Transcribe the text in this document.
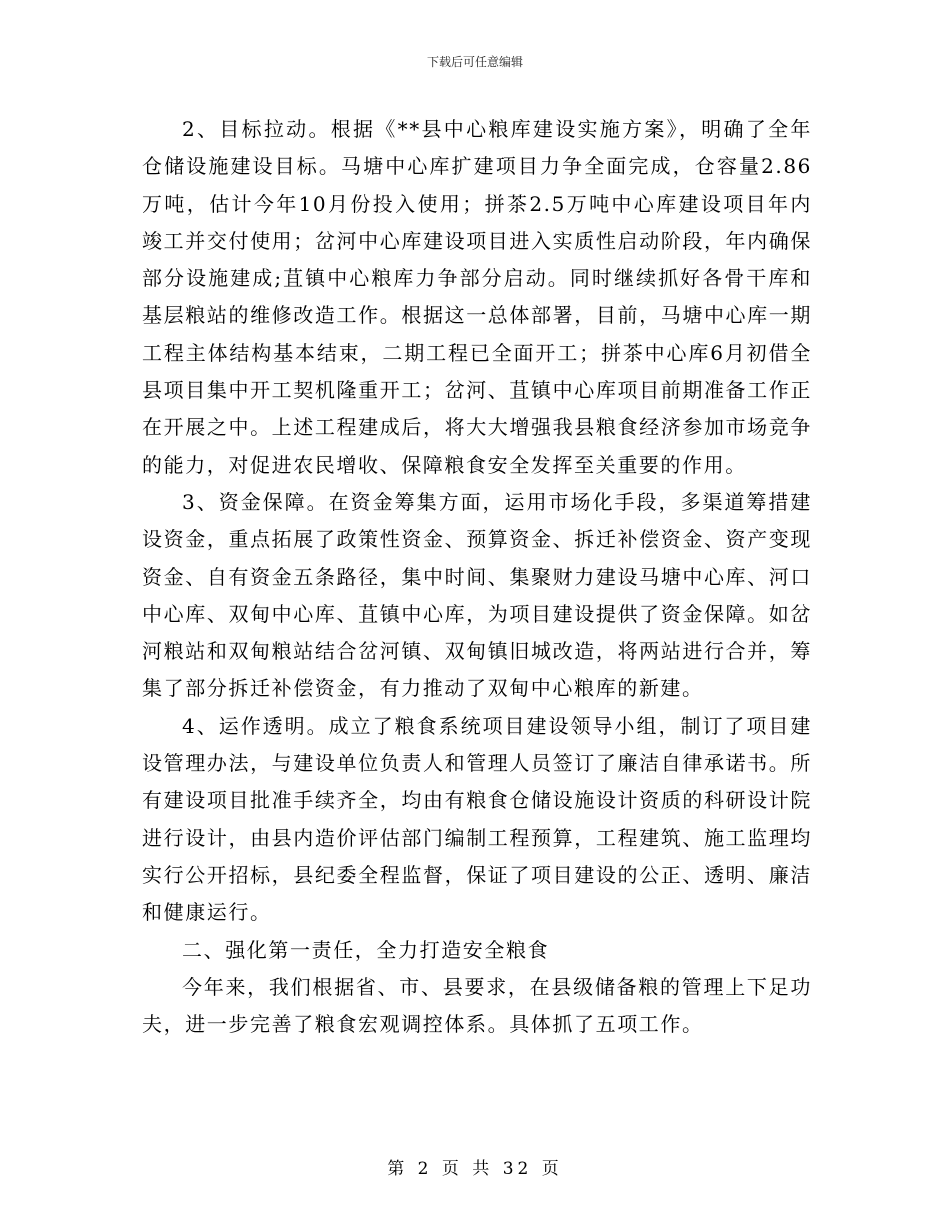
下载后可任意编辑

2、目标拉动。根据《**县中心粮库建设实施方案》，明确了全年仓储设施建设目标。马塘中心库扩建项目力争全面完成，仓容量2.86万吨，估计今年10月份投入使用；拼茶2.5万吨中心库建设项目年内竣工并交付使用；岔河中心库建设项目进入实质性启动阶段，年内确保部分设施建成;苴镇中心粮库力争部分启动。同时继续抓好各骨干库和基层粮站的维修改造工作。根据这一总体部署，目前，马塘中心库一期工程主体结构基本结束，二期工程已全面开工；拼茶中心库6月初借全县项目集中开工契机隆重开工；岔河、苴镇中心库项目前期准备工作正在开展之中。上述工程建成后，将大大增强我县粮食经济参加市场竞争的能力，对促进农民增收、保障粮食安全发挥至关重要的作用。

3、资金保障。在资金筹集方面，运用市场化手段，多渠道筹措建设资金，重点拓展了政策性资金、预算资金、拆迁补偿资金、资产变现资金、自有资金五条路径，集中时间、集聚财力建设马塘中心库、河口中心库、双甸中心库、苴镇中心库，为项目建设提供了资金保障。如岔河粮站和双甸粮站结合岔河镇、双甸镇旧城改造，将两站进行合并，筹集了部分拆迁补偿资金，有力推动了双甸中心粮库的新建。

4、运作透明。成立了粮食系统项目建设领导小组，制订了项目建设管理办法，与建设单位负责人和管理人员签订了廉洁自律承诺书。所有建设项目批准手续齐全，均由有粮食仓储设施设计资质的科研设计院进行设计，由县内造价评估部门编制工程预算，工程建筑、施工监理均实行公开招标，县纪委全程监督，保证了项目建设的公正、透明、廉洁和健康运行。

二、强化第一责任，全力打造安全粮食

今年来，我们根据省、市、县要求，在县级储备粮的管理上下足功夫，进一步完善了粮食宏观调控体系。具体抓了五项工作。

第 2 页 共 32 页
